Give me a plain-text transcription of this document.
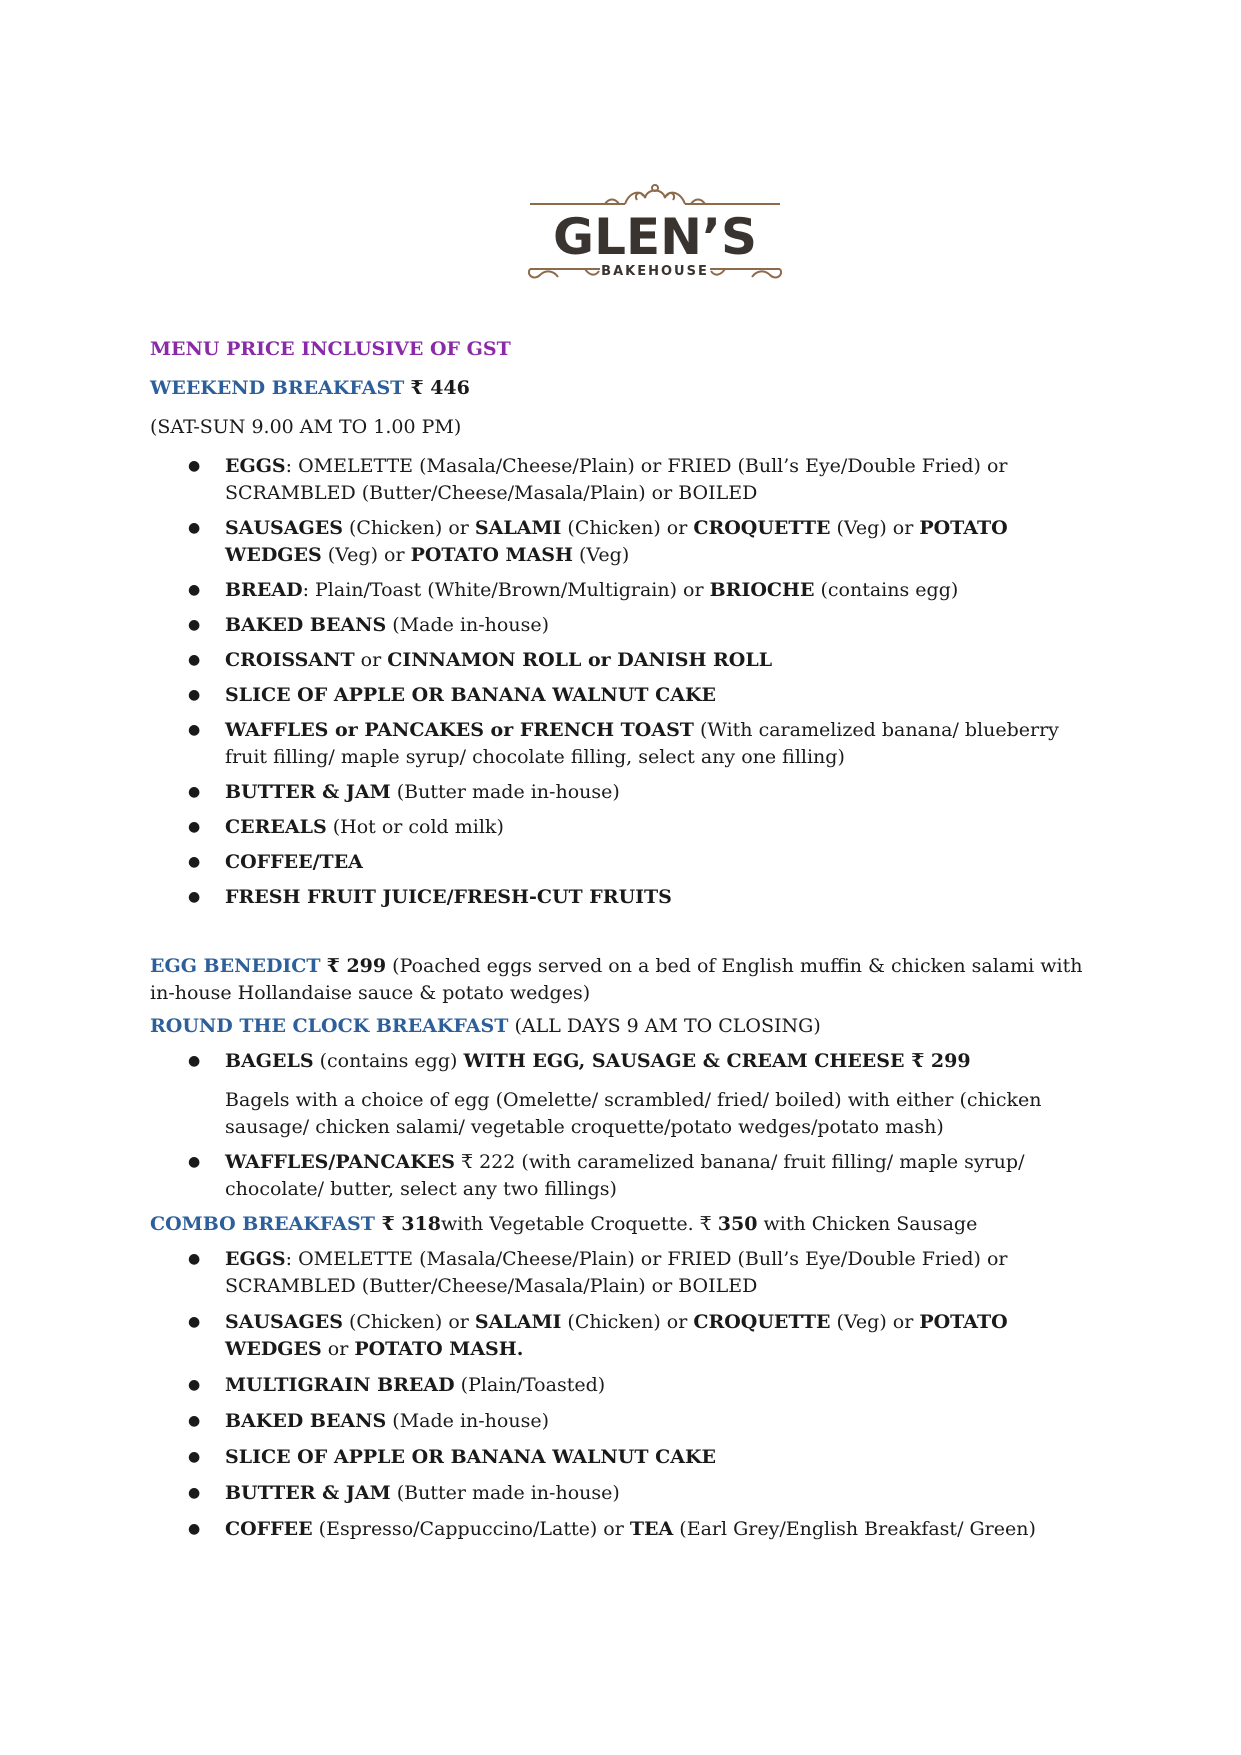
GLEN’S
BAKEHOUSE

MENU PRICE INCLUSIVE OF GST

WEEKEND BREAKFAST ₹ 446

(SAT-SUN 9.00 AM TO 1.00 PM)

● EGGS: OMELETTE (Masala/Cheese/Plain) or FRIED (Bull’s Eye/Double Fried) or SCRAMBLED (Butter/Cheese/Masala/Plain) or BOILED
● SAUSAGES (Chicken) or SALAMI (Chicken) or CROQUETTE (Veg) or POTATO WEDGES (Veg) or POTATO MASH (Veg)
● BREAD: Plain/Toast (White/Brown/Multigrain) or BRIOCHE (contains egg)
● BAKED BEANS (Made in-house)
● CROISSANT or CINNAMON ROLL or DANISH ROLL
● SLICE OF APPLE OR BANANA WALNUT CAKE
● WAFFLES or PANCAKES or FRENCH TOAST (With caramelized banana/ blueberry fruit filling/ maple syrup/ chocolate filling, select any one filling)
● BUTTER & JAM (Butter made in-house)
● CEREALS (Hot or cold milk)
● COFFEE/TEA
● FRESH FRUIT JUICE/FRESH-CUT FRUITS

EGG BENEDICT ₹ 299 (Poached eggs served on a bed of English muffin & chicken salami with in-house Hollandaise sauce & potato wedges)

ROUND THE CLOCK BREAKFAST (ALL DAYS 9 AM TO CLOSING)

● BAGELS (contains egg) WITH EGG, SAUSAGE & CREAM CHEESE ₹ 299
Bagels with a choice of egg (Omelette/ scrambled/ fried/ boiled) with either (chicken sausage/ chicken salami/ vegetable croquette/potato wedges/potato mash)
● WAFFLES/PANCAKES ₹ 222 (with caramelized banana/ fruit filling/ maple syrup/ chocolate/ butter, select any two fillings)

COMBO BREAKFAST ₹ 318with Vegetable Croquette. ₹ 350 with Chicken Sausage

● EGGS: OMELETTE (Masala/Cheese/Plain) or FRIED (Bull’s Eye/Double Fried) or SCRAMBLED (Butter/Cheese/Masala/Plain) or BOILED
● SAUSAGES (Chicken) or SALAMI (Chicken) or CROQUETTE (Veg) or POTATO WEDGES or POTATO MASH.
● MULTIGRAIN BREAD (Plain/Toasted)
● BAKED BEANS (Made in-house)
● SLICE OF APPLE OR BANANA WALNUT CAKE
● BUTTER & JAM (Butter made in-house)
● COFFEE (Espresso/Cappuccino/Latte) or TEA (Earl Grey/English Breakfast/ Green)
